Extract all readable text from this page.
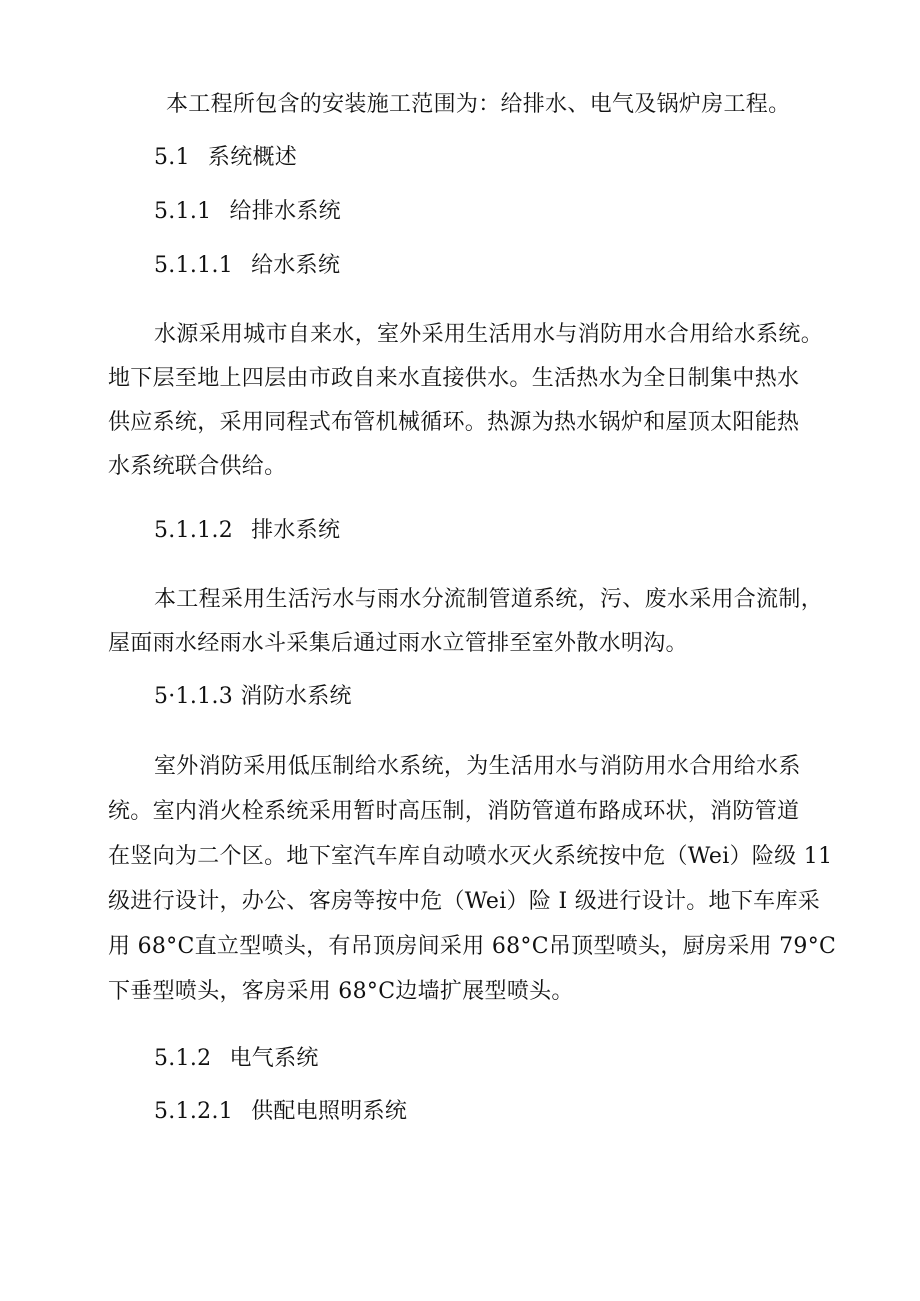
本工程所包含的安装施工范围为：给排水、电气及锅炉房工程。

5.1 系统概述

5.1.1 给排水系统

5.1.1.1 给水系统

水源采用城市自来水，室外采用生活用水与消防用水合用给水系统。

地下层至地上四层由市政自来水直接供水。生活热水为全日制集中热水

供应系统，采用同程式布管机械循环。热源为热水锅炉和屋顶太阳能热

水系统联合供给。

5.1.1.2 排水系统

本工程采用生活污水与雨水分流制管道系统，污、废水采用合流制，

屋面雨水经雨水斗采集后通过雨水立管排至室外散水明沟。

5·1.1.3 消防水系统

室外消防采用低压制给水系统，为生活用水与消防用水合用给水系

统。室内消火栓系统采用暂时高压制，消防管道布路成环状，消防管道

在竖向为二个区。地下室汽车库自动喷水灭火系统按中危（Wei）险级 11

级进行设计，办公、客房等按中危（Wei）险 I 级进行设计。地下车库采

用 68°C直立型喷头，有吊顶房间采用 68°C吊顶型喷头，厨房采用 79°C

下垂型喷头，客房采用 68°C边墙扩展型喷头。

5.1.2 电气系统

5.1.2.1 供配电照明系统
